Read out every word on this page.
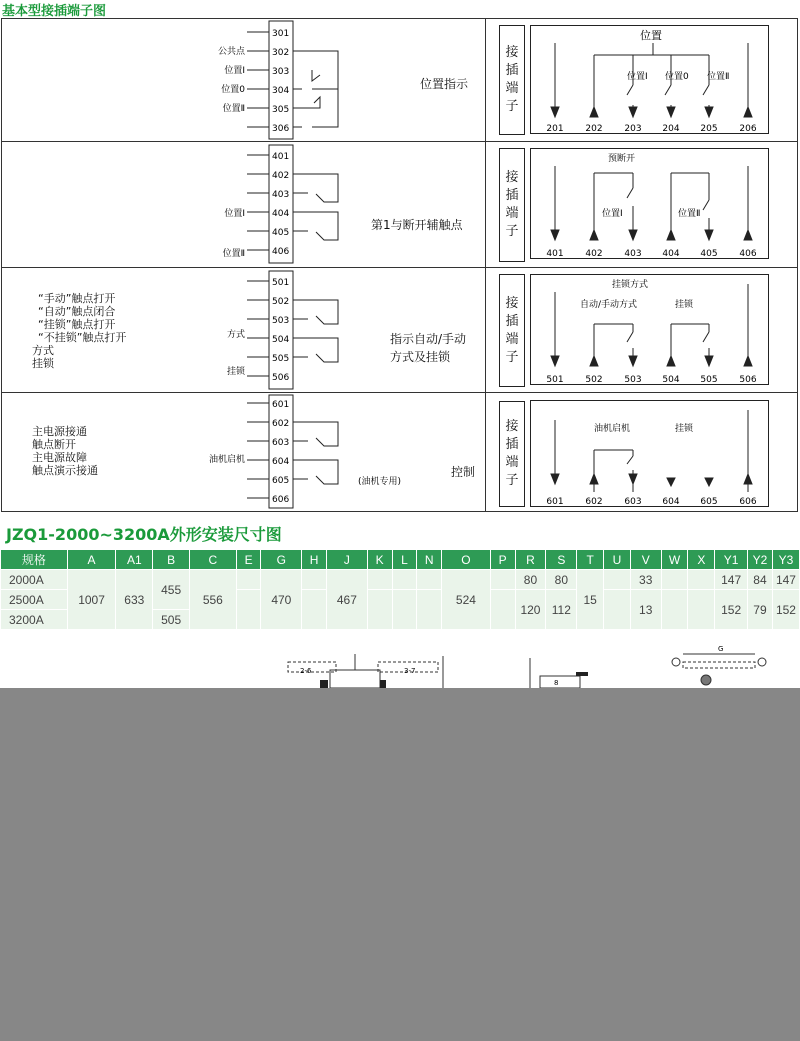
基本型接插端子图
301
302
303
304
305
306
公共点
位置Ⅰ
位置0
位置Ⅱ
位置指示
接
插
端
子
位置
位置Ⅰ 位置0 位置Ⅱ
201 202 203 204 205 206
401
402
403
404
405
406
位置Ⅰ
位置Ⅱ
第1与断开辅触点
接
插
端
子
预断开
位置Ⅰ	位置Ⅱ
401 402 403 404 405 406
“手动”触点打开
“自动”触点闭合
“挂锁”触点打开
“不挂锁”触点打开
方式
挂锁
501
502
503
504
505
506
方式
挂锁
指示自动/手动
方式及挂锁
接
插
端
子
挂锁方式
自动/手动方式	挂锁
501 502 503 504 505 506
主电源接通
触点断开
主电源故障
触点演示接通
601
602
603
604
605
606
油机启机
(油机专用)
控制
接
插
端
子
油机启机	挂锁
601 602 603 604 605 606
JZQ1-2000~3200A外形安装尺寸图
规格	A	A1	B	C	E	G	H	J	K	L	N	O	P	R	S	T	U	V	W	X	Y1	Y2	Y3
2000A	1007	633	455	556		470		467				524		80	80	15		33			147	84	147
2500A														120	112			13			152	79	152
3200A			505																				
2-6	3-7
8
G
